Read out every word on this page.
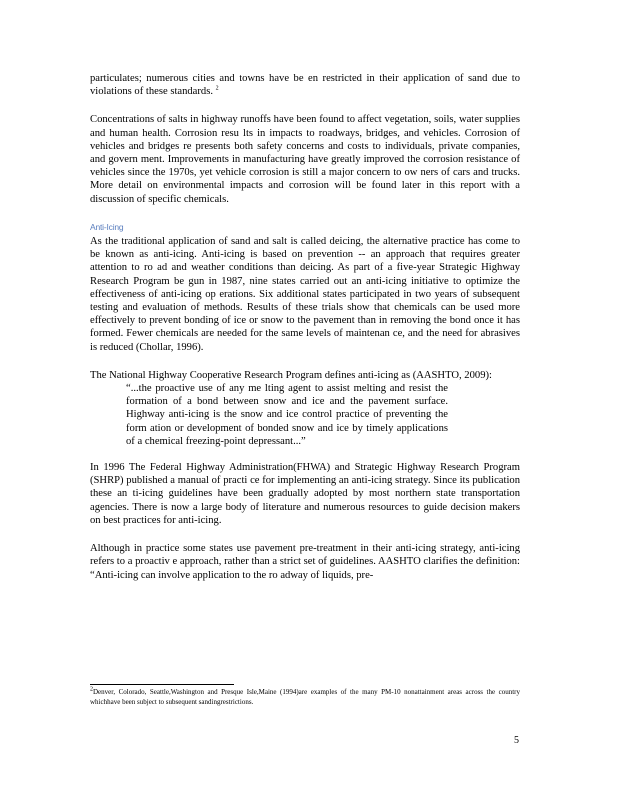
particulates; numerous cities and towns have be en restricted in their application of sand due to violations of these standards. $^2$

Concentrations of salts in highway runoffs have been found to affect vegetation, soils, water supplies and human health. Corrosion resu lts in impacts to roadways, bridges, and vehicles. Corrosion of vehicles and bridges re presents both safety concerns and costs to individuals, private companies, and govern ment. Improvements in manufacturing have greatly improved the corrosion resistance of vehicles since the 1970s, yet vehicle corrosion is still a major concern to ow ners of cars and trucks. More detail on environmental impacts and corrosion will be found later in this report with a discussion of specific chemicals.

Anti-Icing

As the traditional application of sand and salt is called deicing, the alternative practice has come to be known as anti-icing. Anti-icing is based on prevention -- an approach that requires greater attention to ro ad and weather conditions than deicing. As part of a five-year Strategic Highway Research Program be gun in 1987, nine states carried out an anti-icing initiative to optimize the effectiveness of anti-icing op erations. Six additional states participated in two years of subsequent testing and evaluation of methods. Results of these trials show that chemicals can be used more effectively to prevent bonding of ice or snow to the pavement than in removing the bond once it has formed. Fewer chemicals are needed for the same levels of maintenan ce, and the need for abrasives is reduced (Chollar, 1996).

The National Highway Cooperative Research Program defines anti-icing as (AASHTO, 2009):

“...the proactive use of any me lting agent to assist melting and resist the formation of a bond between snow and ice and the pavement surface. Highway anti-icing is the snow and ice control practice of preventing the form ation or development of bonded snow and ice by timely applications of a chemical freezing-point depressant...”

In 1996 The Federal Highway Administration(FHWA) and Strategic Highway Research Program (SHRP) published a manual of practi ce for implementing an anti-icing strategy. Since its publication these an ti-icing guidelines have been gradually adopted by most northern state transportation agencies. There is now a large body of literature and numerous resources to guide decision makers on best practices for anti-icing.

Although in practice some states use pavement pre-treatment in their anti-icing strategy, anti-icing refers to a proactiv e approach, rather than a strict set of guidelines. AASHTO clarifies the definition: “Anti-icing can involve application to the ro adway of liquids, pre-

$^2$Denver, Colorado, Seattle,Washington and Presque Isle,Maine (1994)are examples of the many PM-10 nonattainment areas across the country whichhave been subject to subsequent sandingrestrictions.
5
